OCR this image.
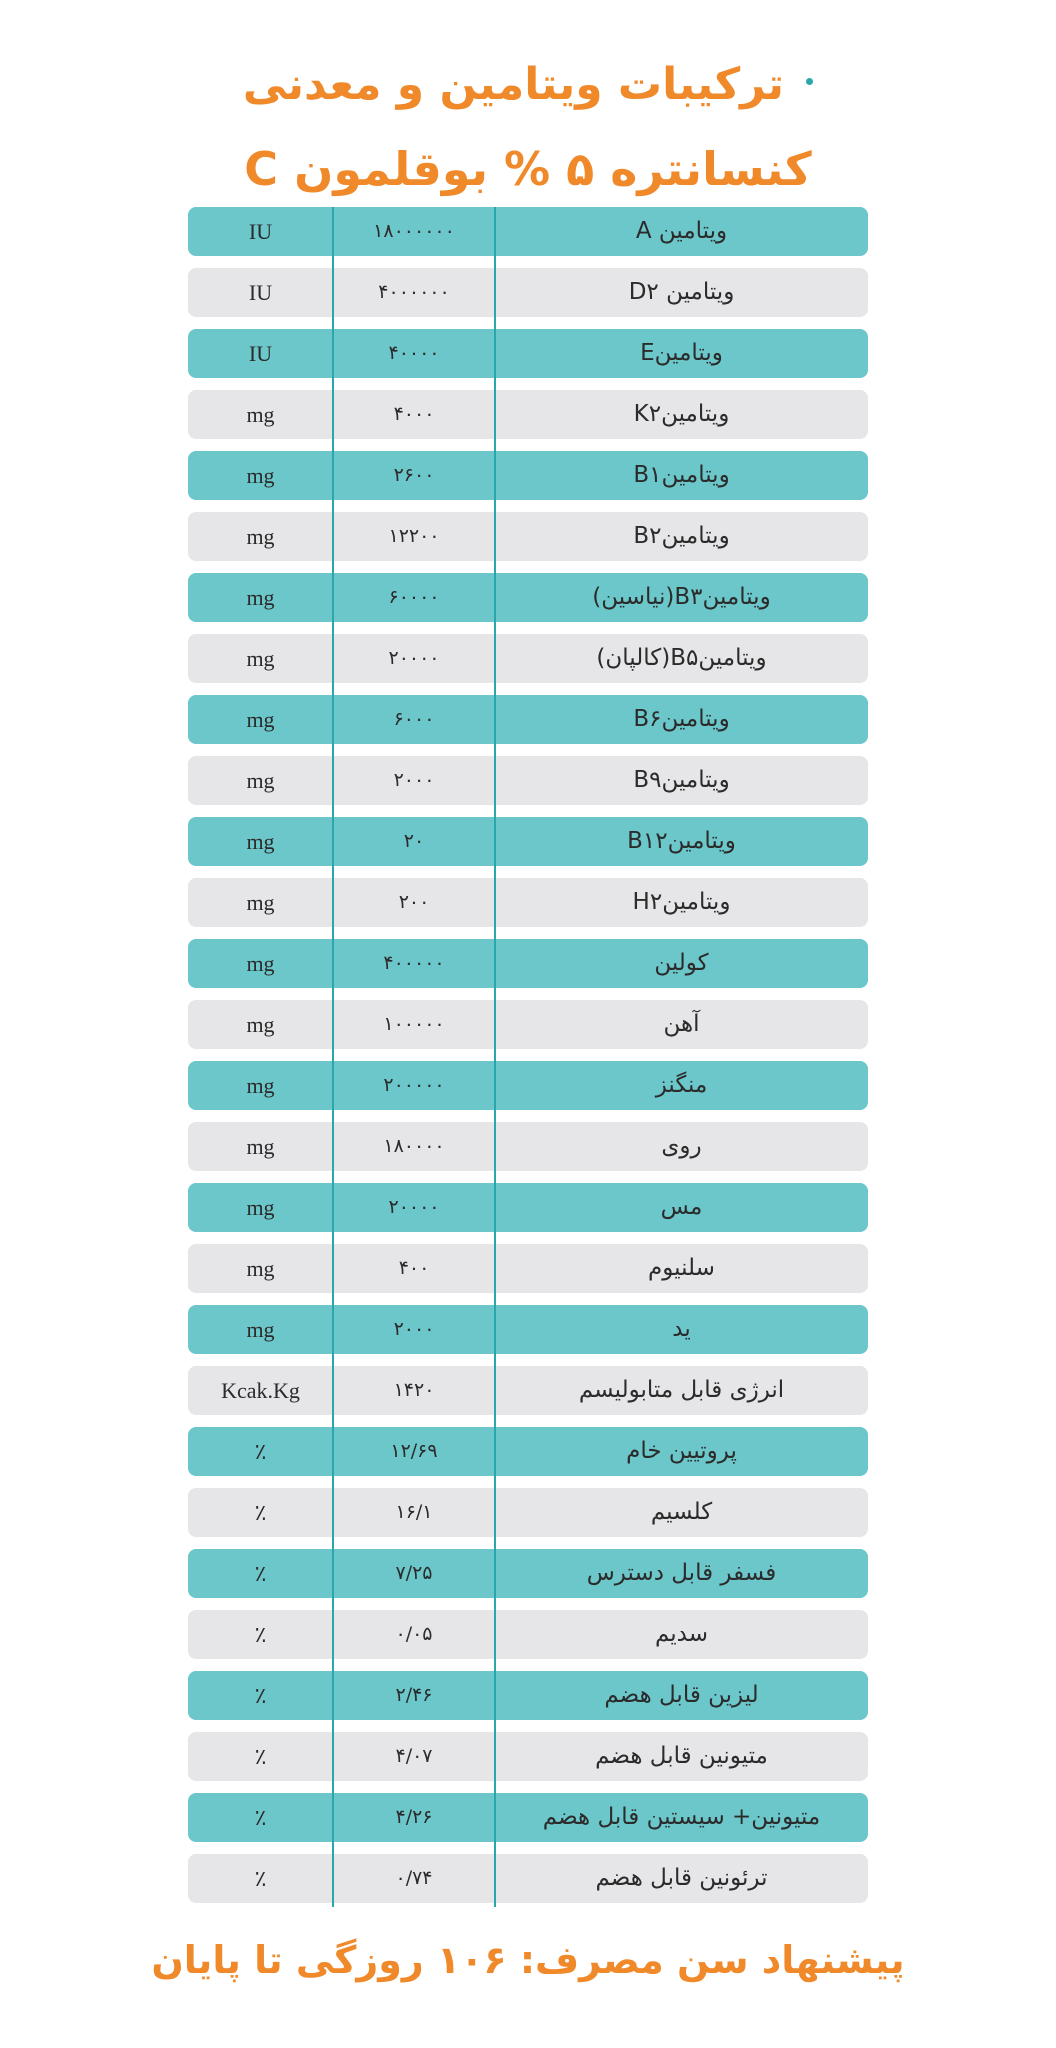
ترکیبات ویتامین و معدنی
کنسانتره ۵ % بوقلمون C
ویتامین A
۱۸۰۰۰۰۰۰
IU
ویتامین D۲
۴۰۰۰۰۰۰
IU
ویتامینE
۴۰۰۰۰
IU
ویتامینK۲
۴۰۰۰
mg
ویتامینB۱
۲۶۰۰
mg
ویتامینB۲
۱۲۲۰۰
mg
ویتامینB۳(نیاسین)
۶۰۰۰۰
mg
ویتامینB۵(کالپان)
۲۰۰۰۰
mg
ویتامینB۶
۶۰۰۰
mg
ویتامینB۹
۲۰۰۰
mg
ویتامینB۱۲
۲۰
mg
ویتامینH۲
۲۰۰
mg
کولین
۴۰۰۰۰۰
mg
آهن
۱۰۰۰۰۰
mg
منگنز
۲۰۰۰۰۰
mg
روی
۱۸۰۰۰۰
mg
مس
۲۰۰۰۰
mg
سلنیوم
۴۰۰
mg
ید
۲۰۰۰
mg
انرژی قابل متابولیسم
۱۴۲۰
Kcak.Kg
پروتیین خام
۱۲/۶۹
٪
کلسیم
۱۶/۱
٪
فسفر قابل دسترس
۷/۲۵
٪
سدیم
۰/۰۵
٪
لیزین قابل هضم
۲/۴۶
٪
متیونین قابل هضم
۴/۰۷
٪
متیونین+ سیستین قابل هضم
۴/۲۶
٪
ترئونین قابل هضم
۰/۷۴
٪
پیشنهاد سن مصرف: ۱۰۶ روزگی تا پایان
